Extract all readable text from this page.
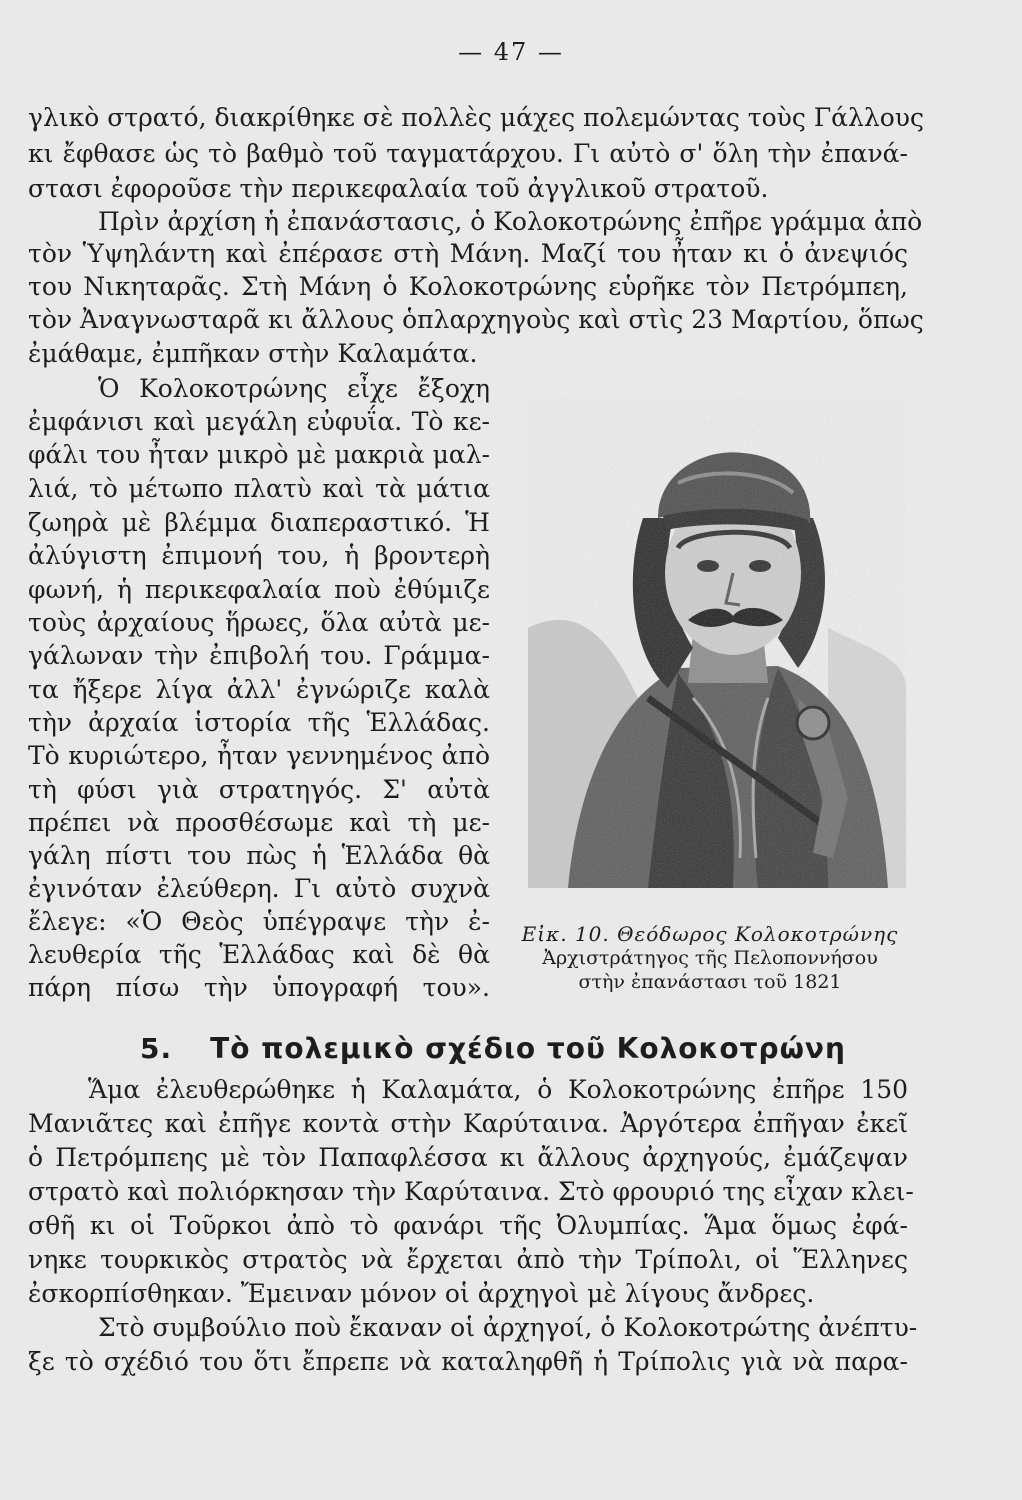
— 47 —
γλικὸ στρατό, διακρίθηκε σὲ πολλὲς μάχες πολεμώντας τοὺς Γάλλους
κι ἔφθασε ὡς τὸ βαθμὸ τοῦ ταγματάρχου. Γι αὐτὸ σ' ὅλη τὴν ἐπανά-
στασι ἐφοροῦσε τὴν περικεφαλαία τοῦ ἀγγλικοῦ στρατοῦ.
Πρὶν ἀρχίση ἡ ἐπανάστασις, ὁ Κολοκοτρώνης ἐπῆρε γράμμα ἀπὸ
τὸν Ὑψηλάντη καὶ ἐπέρασε στὴ Μάνη. Μαζί του ἦταν κι ὁ ἀνεψιός
του Νικηταρᾶς. Στὴ Μάνη ὁ Κολοκοτρώνης εὑρῆκε τὸν Πετρόμπεη,
τὸν Ἀναγνωσταρᾶ κι ἄλλους ὁπλαρχηγοὺς καὶ στὶς 23 Μαρτίου, ὅπως
ἐμάθαμε, ἐμπῆκαν στὴν Καλαμάτα.
Ὁ Κολοκοτρώνης εἶχε ἔξοχη
ἐμφάνισι καὶ μεγάλη εὐφυΐα. Τὸ κε-
φάλι του ἦταν μικρὸ μὲ μακριὰ μαλ-
λιά, τὸ μέτωπο πλατὺ καὶ τὰ μάτια
ζωηρὰ μὲ βλέμμα διαπεραστικό. Ἡ
ἀλύγιστη ἐπιμονή του, ἡ βροντερὴ
φωνή, ἡ περικεφαλαία ποὺ ἐθύμιζε
τοὺς ἀρχαίους ἥρωες, ὅλα αὐτὰ με-
γάλωναν τὴν ἐπιβολή του. Γράμμα-
τα ἤξερε λίγα ἀλλ' ἐγνώριζε καλὰ
τὴν ἀρχαία ἱστορία τῆς Ἑλλάδας.
Τὸ κυριώτερο, ἦταν γεννημένος ἀπὸ
τὴ φύσι γιὰ στρατηγός. Σ' αὐτὰ
πρέπει νὰ προσθέσωμε καὶ τὴ με-
γάλη πίστι του πὼς ἡ Ἑλλάδα θὰ
ἐγινόταν ἐλεύθερη. Γι αὐτὸ συχνὰ
ἔλεγε: «Ὁ Θεὸς ὑπέγραψε τὴν ἐ-
λευθερία τῆς Ἑλλάδας καὶ δὲ θὰ
πάρη πίσω τὴν ὑπογραφή του».
Εἰκ. 10. Θεόδωρος Κολοκοτρώνης
Ἀρχιστράτηγος τῆς Πελοποννήσου
στὴν ἐπανάστασι τοῦ 1821
5. Τὸ πολεμικὸ σχέδιο τοῦ Κολοκοτρώνη
Ἅμα ἐλευθερώθηκε ἡ Καλαμάτα, ὁ Κολοκοτρώνης ἐπῆρε 150
Μανιᾶτες καὶ ἐπῆγε κοντὰ στὴν Καρύταινα. Ἀργότερα ἐπῆγαν ἐκεῖ
ὁ Πετρόμπεης μὲ τὸν Παπαφλέσσα κι ἄλλους ἀρχηγούς, ἐμάζεψαν
στρατὸ καὶ πολιόρκησαν τὴν Καρύταινα. Στὸ φρουριό της εἶχαν κλει-
σθῆ κι οἱ Τοῦρκοι ἀπὸ τὸ φανάρι τῆς Ὀλυμπίας. Ἅμα ὅμως ἐφά-
νηκε τουρκικὸς στρατὸς νὰ ἔρχεται ἀπὸ τὴν Τρίπολι, οἱ Ἕλληνες
ἐσκορπίσθηκαν. Ἔμειναν μόνον οἱ ἀρχηγοὶ μὲ λίγους ἄνδρες.
Στὸ συμβούλιο ποὺ ἔκαναν οἱ ἀρχηγοί, ὁ Κολοκοτρώτης ἀνέπτυ-
ξε τὸ σχέδιό του ὅτι ἔπρεπε νὰ καταληφθῆ ἡ Τρίπολις γιὰ νὰ παρα-
